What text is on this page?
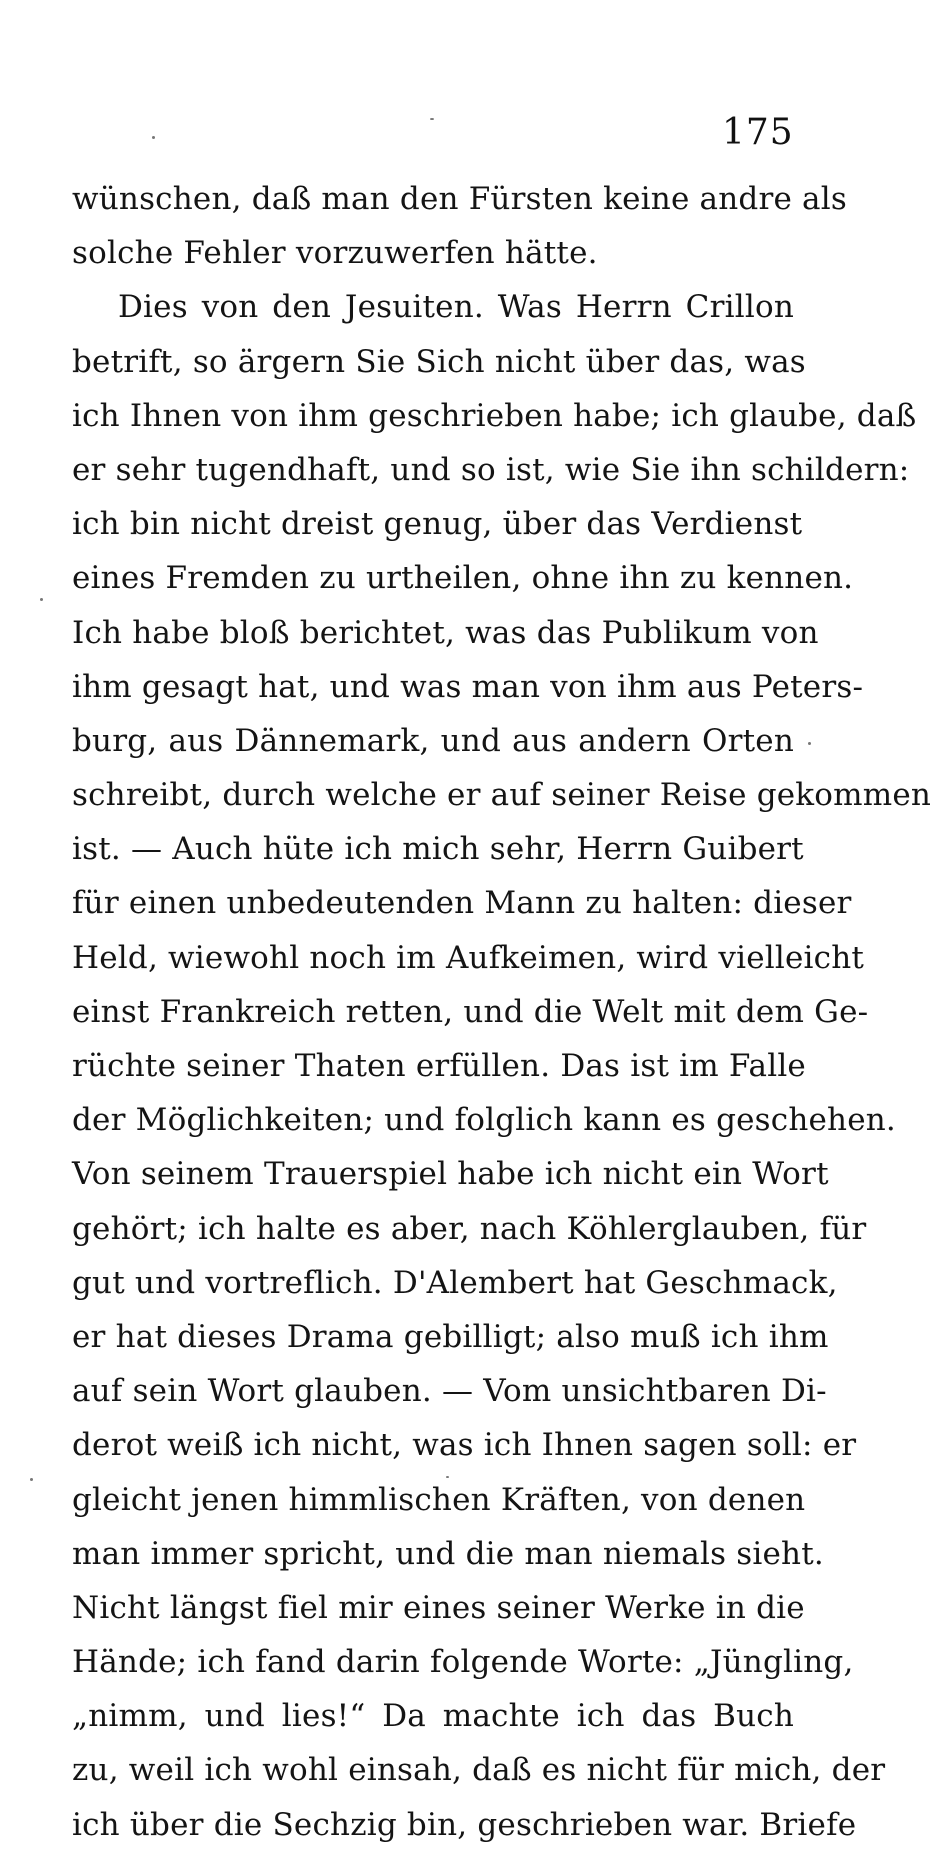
175
wünschen, daß man den Fürsten keine andre als
solche Fehler vorzuwerfen hätte.
Dies von den Jesuiten. Was Herrn Crillon
betrift, so ärgern Sie Sich nicht über das, was
ich Ihnen von ihm geschrieben habe; ich glaube, daß
er sehr tugendhaft, und so ist, wie Sie ihn schildern:
ich bin nicht dreist genug, über das Verdienst
eines Fremden zu urtheilen, ohne ihn zu kennen.
Ich habe bloß berichtet, was das Publikum von
ihm gesagt hat, und was man von ihm aus Peters-
burg, aus Dännemark, und aus andern Orten
schreibt, durch welche er auf seiner Reise gekommen
ist. — Auch hüte ich mich sehr, Herrn Guibert
für einen unbedeutenden Mann zu halten: dieser
Held, wiewohl noch im Aufkeimen, wird vielleicht
einst Frankreich retten, und die Welt mit dem Ge-
rüchte seiner Thaten erfüllen. Das ist im Falle
der Möglichkeiten; und folglich kann es geschehen.
Von seinem Trauerspiel habe ich nicht ein Wort
gehört; ich halte es aber, nach Köhlerglauben, für
gut und vortreflich. D'Alembert hat Geschmack,
er hat dieses Drama gebilligt; also muß ich ihm
auf sein Wort glauben. — Vom unsichtbaren Di-
derot weiß ich nicht, was ich Ihnen sagen soll: er
gleicht jenen himmlischen Kräften, von denen
man immer spricht, und die man niemals sieht.
Nicht längst fiel mir eines seiner Werke in die
Hände; ich fand darin folgende Worte: „Jüngling,
„nimm, und lies!“ Da machte ich das Buch
zu, weil ich wohl einsah, daß es nicht für mich, der
ich über die Sechzig bin, geschrieben war. Briefe
